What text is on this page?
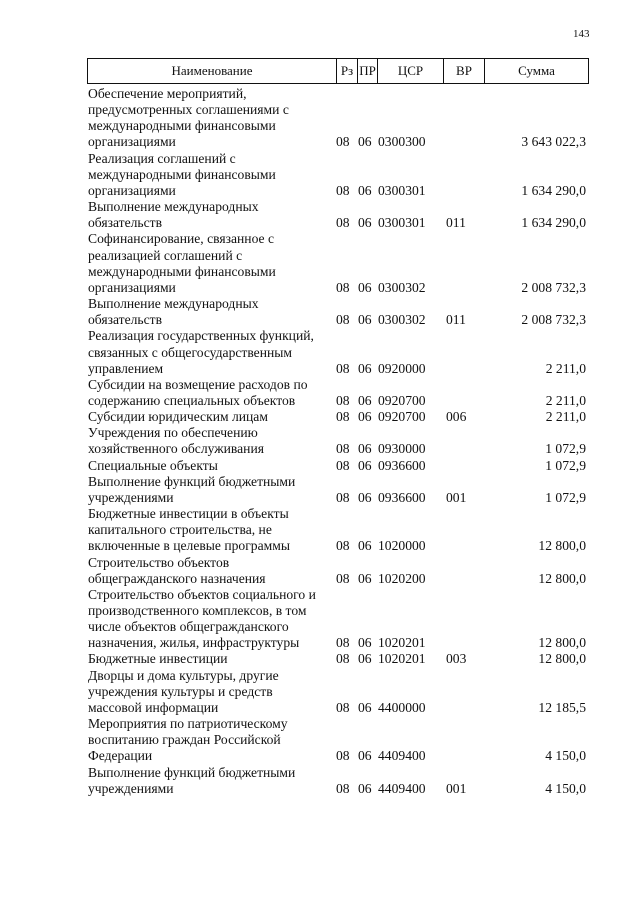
143
Наименование	Рз ПР	ЦСР	ВР	Сумма
Обеспечение мероприятий,
предусмотренных соглашениями с
международными финансовыми
организациями	08 06 0300300	3 643 022,3
Реализация соглашений с
международными финансовыми
организациями	08 06 0300301	1 634 290,0
Выполнение международных
обязательств	08 06 0300301	011	1 634 290,0
Софинансирование, связанное с
реализацией соглашений с
международными финансовыми
организациями	08 06 0300302	2 008 732,3
Выполнение международных
обязательств	08 06 0300302	011	2 008 732,3
Реализация государственных функций,
связанных с общегосударственным
управлением	08 06 0920000	2 211,0
Субсидии на возмещение расходов по
содержанию специальных объектов	08 06 0920700	2 211,0
Субсидии юридическим лицам	08 06 0920700	006	2 211,0
Учреждения по обеспечению
хозяйственного обслуживания	08 06 0930000	1 072,9
Специальные объекты	08 06 0936600	1 072,9
Выполнение функций бюджетными
учреждениями	08 06 0936600	001	1 072,9
Бюджетные инвестиции в объекты
капитального строительства, не
включенные в целевые программы	08 06 1020000	12 800,0
Строительство объектов
общегражданского назначения	08 06 1020200	12 800,0
Строительство объектов социального и
производственного комплексов, в том
числе объектов общегражданского
назначения, жилья, инфраструктуры	08 06 1020201	12 800,0
Бюджетные инвестиции	08 06 1020201	003	12 800,0
Дворцы и дома культуры, другие
учреждения культуры и средств
массовой информации	08 06 4400000	12 185,5
Мероприятия по патриотическому
воспитанию граждан Российской
Федерации	08 06 4409400	4 150,0
Выполнение функций бюджетными
учреждениями	08 06 4409400	001	4 150,0
